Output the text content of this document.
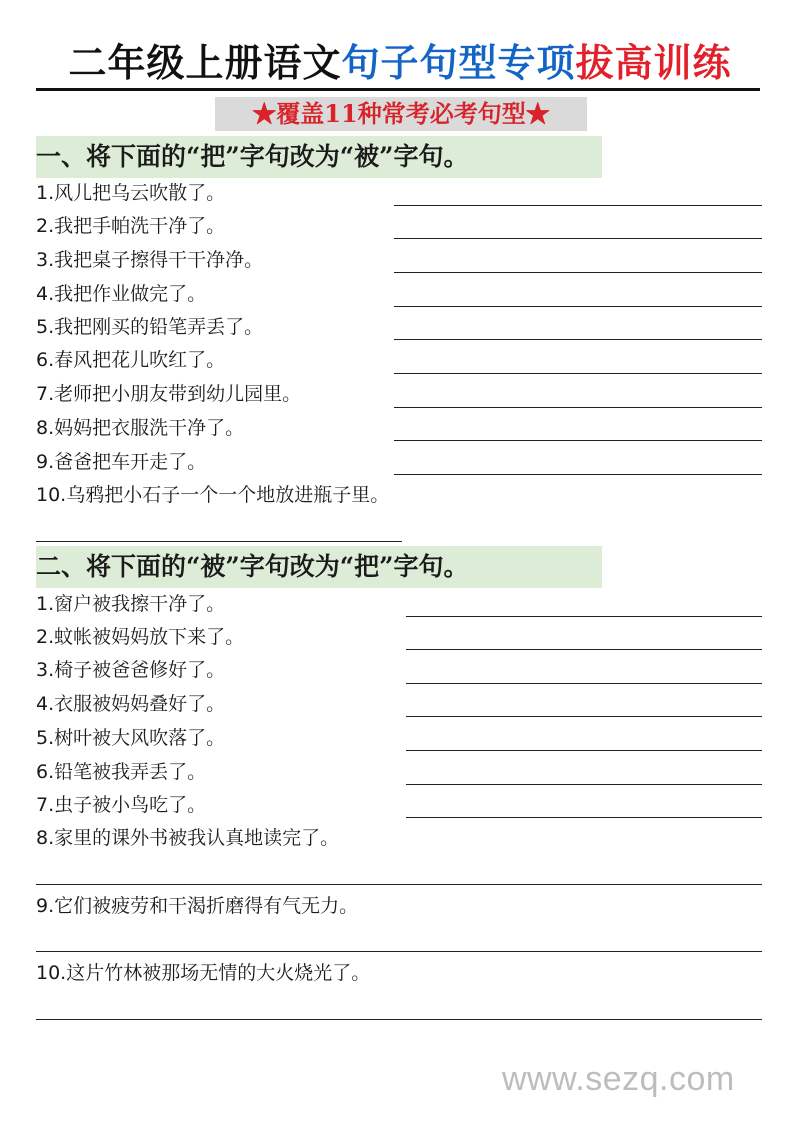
二年级上册语文句子句型专项拔高训练
★覆盖11种常考必考句型★
一、将下面的“把”字句改为“被”字句。
1.风儿把乌云吹散了。
2.我把手帕洗干净了。
3.我把桌子擦得干干净净。
4.我把作业做完了。
5.我把刚买的铅笔弄丢了。
6.春风把花儿吹红了。
7.老师把小朋友带到幼儿园里。
8.妈妈把衣服洗干净了。
9.爸爸把车开走了。
10.乌鸦把小石子一个一个地放进瓶子里。
二、将下面的“被”字句改为“把”字句。
1.窗户被我擦干净了。
2.蚊帐被妈妈放下来了。
3.椅子被爸爸修好了。
4.衣服被妈妈叠好了。
5.树叶被大风吹落了。
6.铅笔被我弄丢了。
7.虫子被小鸟吃了。
8.家里的课外书被我认真地读完了。
9.它们被疲劳和干渴折磨得有气无力。
10.这片竹林被那场无情的大火烧光了。
www.sezq.com
